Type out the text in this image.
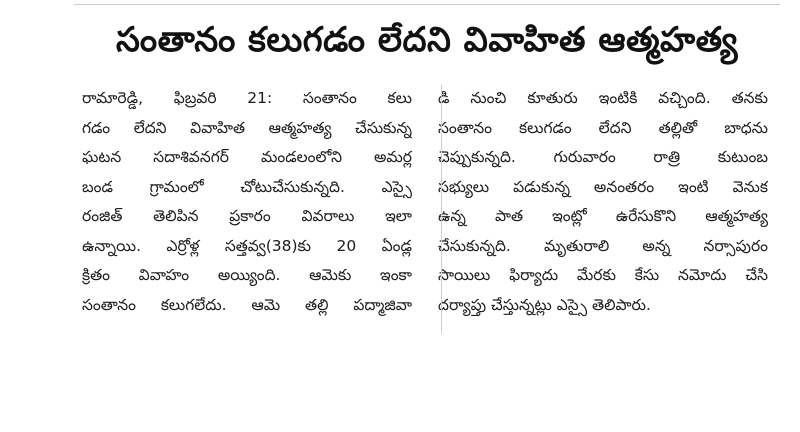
సంతానం కలుగడం లేదని వివాహిత ఆత్మహత్య
రామారెడ్డి, ఫిబ్రవరి 21: సంతానం కలు
గడం లేదని వివాహిత ఆత్మహత్య చేసుకున్న
ఘటన సదాశివనగర్ మండలంలోని అమర్ల
బండ గ్రామంలో చోటుచేసుకున్నది. ఎస్సై
రంజిత్ తెలిపిన ప్రకారం వివరాలు ఇలా
ఉన్నాయి. ఎర్రోళ్ల సత్తవ్వ(38)కు 20 ఏండ్ల
క్రితం వివాహం అయ్యింది. ఆమెకు ఇంకా
సంతానం కలుగలేదు. ఆమె తల్లి పద్మాజివా
డి నుంచి కూతురు ఇంటికి వచ్చింది. తనకు
సంతానం కలుగడం లేదని తల్లితో బాధను
చెప్పుకున్నది. గురువారం రాత్రి కుటుంబ
సభ్యులు పడుకున్న అనంతరం ఇంటి వెనుక
ఉన్న పాత ఇంట్లో ఉరేసుకొని ఆత్మహత్య
చేసుకున్నది. మృతురాలి అన్న నర్సాపురం
సాయిలు ఫిర్యాదు మేరకు కేసు నమోదు చేసి
దర్యాప్తు చేస్తున్నట్లు ఎస్సై తెలిపారు.
